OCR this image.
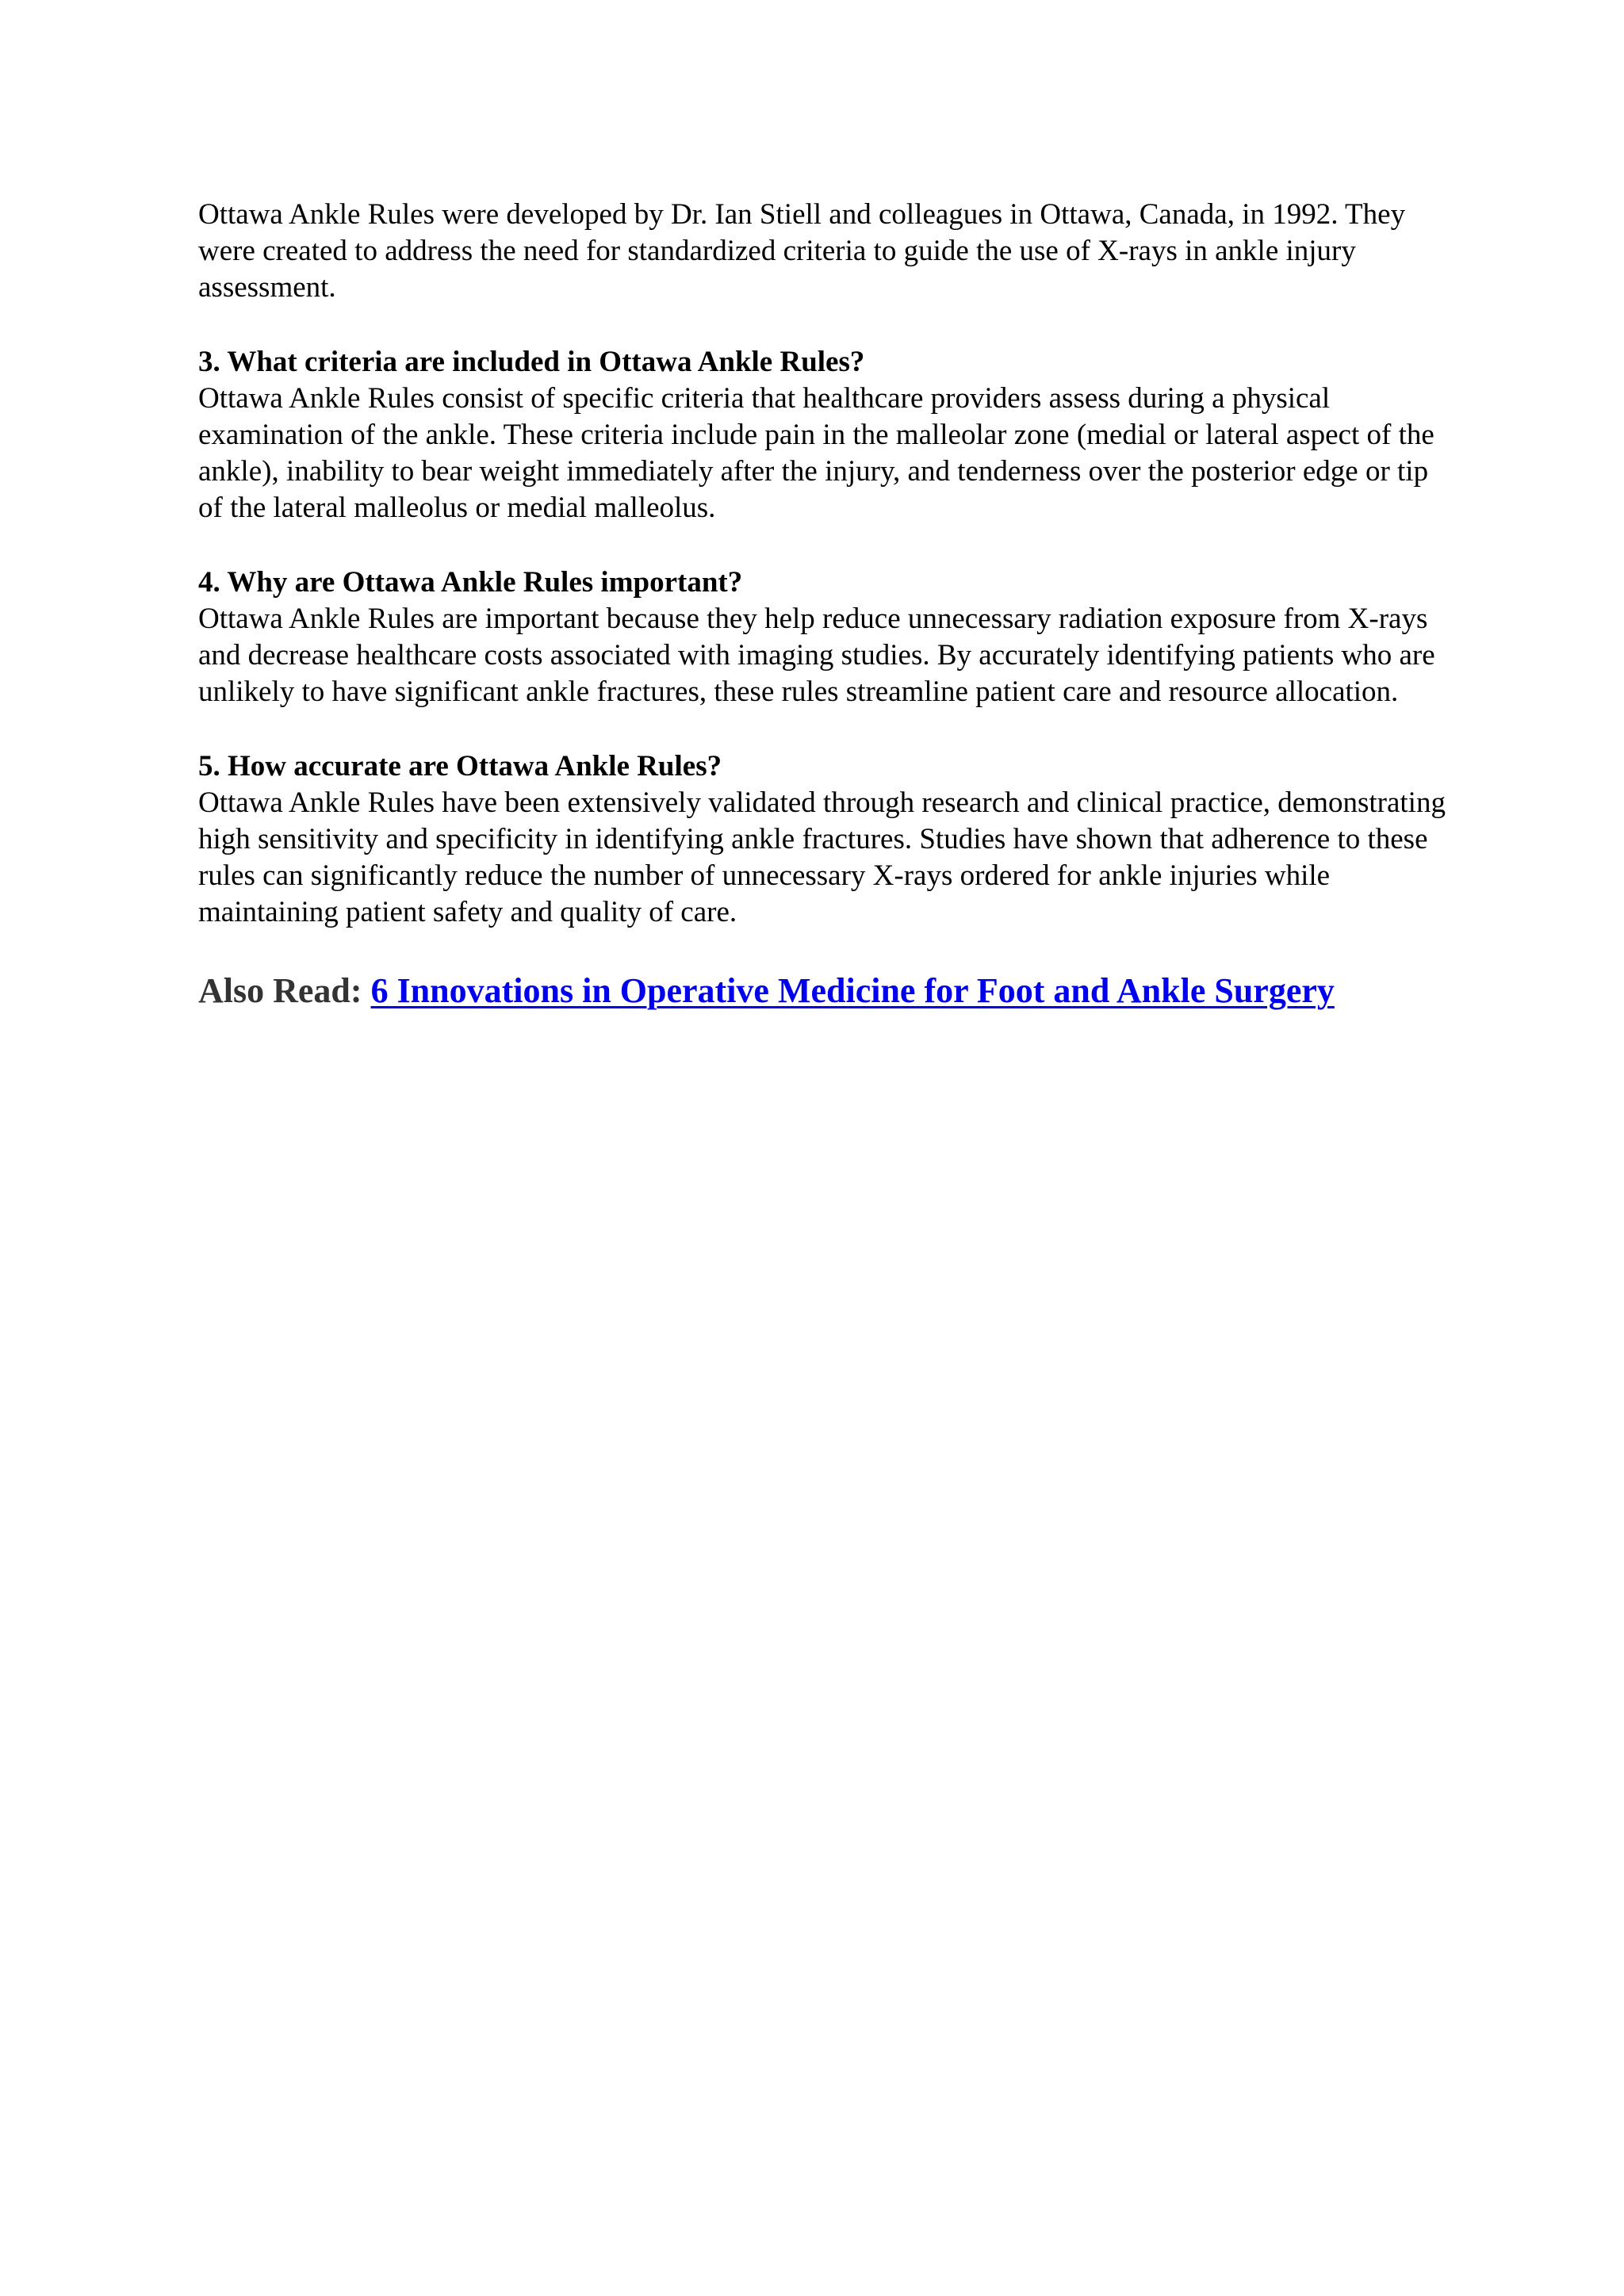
Ottawa Ankle Rules were developed by Dr. Ian Stiell and colleagues in Ottawa, Canada, in 1992. They were created to address the need for standardized criteria to guide the use of X-rays in ankle injury assessment.

3. What criteria are included in Ottawa Ankle Rules?

Ottawa Ankle Rules consist of specific criteria that healthcare providers assess during a physical examination of the ankle. These criteria include pain in the malleolar zone (medial or lateral aspect of the ankle), inability to bear weight immediately after the injury, and tenderness over the posterior edge or tip of the lateral malleolus or medial malleolus.

4. Why are Ottawa Ankle Rules important?

Ottawa Ankle Rules are important because they help reduce unnecessary radiation exposure from X-rays and decrease healthcare costs associated with imaging studies. By accurately identifying patients who are unlikely to have significant ankle fractures, these rules streamline patient care and resource allocation.

5. How accurate are Ottawa Ankle Rules?

Ottawa Ankle Rules have been extensively validated through research and clinical practice, demonstrating high sensitivity and specificity in identifying ankle fractures. Studies have shown that adherence to these rules can significantly reduce the number of unnecessary X-rays ordered for ankle injuries while maintaining patient safety and quality of care.

Also Read: 6 Innovations in Operative Medicine for Foot and Ankle Surgery
